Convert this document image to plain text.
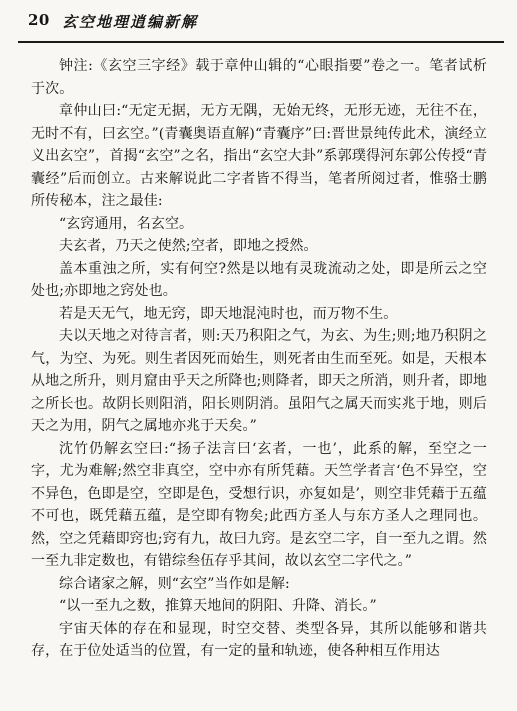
20 玄空地理逍编新解

钟注:《玄空三字经》载于章仲山辑的“心眼指要”卷之一。笔者试析于次。

章仲山曰:“无定无据，无方无隅，无始无终，无形无迹，无往不在，无时不有，曰玄空。”(青囊奥语直解)“青囊序”曰:晋世景纯传此术，演经立义出玄空”，首揭“玄空”之名，指出“玄空大卦”系郭璞得河东郭公传授“青囊经”后而创立。古来解说此二字者皆不得当，笔者所阅过者，惟骆士鹏所传秘本，注之最佳:

“玄窍通用，名玄空。

夫玄者，乃天之使然;空者，即地之授然。

盖本重浊之所，实有何空?然是以地有灵珑流动之处，即是所云之空处也;亦即地之窍处也。

若是天无气，地无窍，即天地混沌时也，而万物不生。

夫以天地之对待言者，则:天乃积阳之气，为玄、为生;则;地乃积阴之气，为空、为死。则生者因死而始生，则死者由生而至死。如是，天根本从地之所升，则月窟由乎天之所降也;则降者，即天之所消，则升者，即地之所长也。故阴长则阳消，阳长则阴消。虽阳气之属天而实兆于地，则后天之为用，阴气之属地亦兆于天矣。”

沈竹仍解玄空曰:“扬子法言曰‘玄者，一也’，此系的解，至空之一字，尤为难解;然空非真空，空中亦有所凭藉。天竺学者言‘色不异空，空不异色，色即是空，空即是色，受想行识，亦复如是’，则空非凭藉于五蕴不可也，既凭藉五蕴，是空即有物矣;此西方圣人与东方圣人之理同也。然，空之凭藉即窍也;窍有九，故曰九窍。是玄空二字，自一至九之谓。然一至九非定数也，有错综叁伍存乎其间，故以玄空二字代之。”

综合诸家之解，则“玄空”当作如是解:

“以一至九之数，推算天地间的阴阳、升降、消长。”

宇宙天体的存在和显现，时空交替、类型各异，其所以能够和谐共存，在于位处适当的位置，有一定的量和轨迹，使各种相互作用达
